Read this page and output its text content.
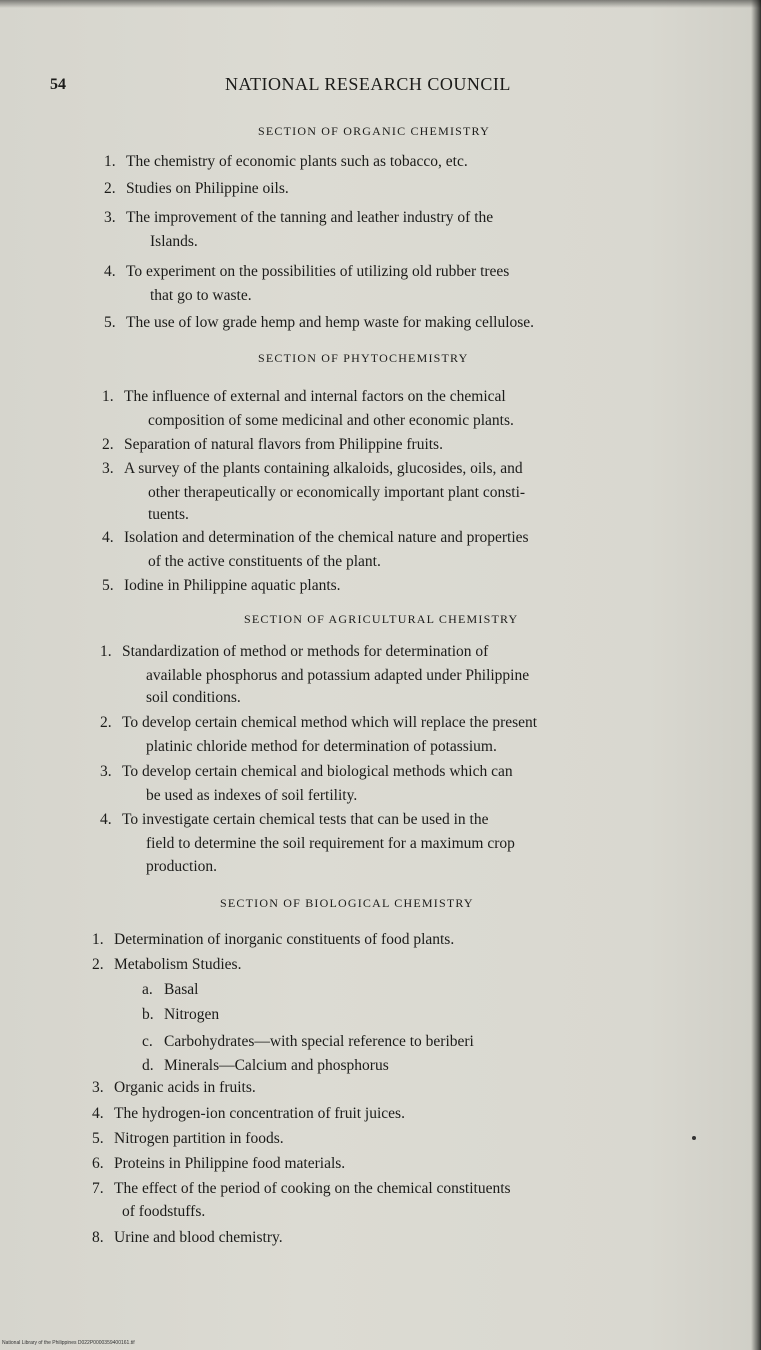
54	NATIONAL RESEARCH COUNCIL
SECTION OF ORGANIC CHEMISTRY
1. The chemistry of economic plants such as tobacco, etc.
2. Studies on Philippine oils.
3. The improvement of the tanning and leather industry of the
Islands.
4. To experiment on the possibilities of utilizing old rubber trees
that go to waste.
5. The use of low grade hemp and hemp waste for making cellulose.
SECTION OF PHYTOCHEMISTRY
1. The influence of external and internal factors on the chemical
composition of some medicinal and other economic plants.
2. Separation of natural flavors from Philippine fruits.
3. A survey of the plants containing alkaloids, glucosides, oils, and
other therapeutically or economically important plant consti-
tuents.
4. Isolation and determination of the chemical nature and properties
of the active constituents of the plant.
5. Iodine in Philippine aquatic plants.
SECTION OF AGRICULTURAL CHEMISTRY
1. Standardization of method or methods for determination of
available phosphorus and potassium adapted under Philippine
soil conditions.
2. To develop certain chemical method which will replace the present
platinic chloride method for determination of potassium.
3. To develop certain chemical and biological methods which can
be used as indexes of soil fertility.
4. To investigate certain chemical tests that can be used in the
field to determine the soil requirement for a maximum crop
production.
SECTION OF BIOLOGICAL CHEMISTRY
1. Determination of inorganic constituents of food plants.
2. Metabolism Studies.
a. Basal
b. Nitrogen
c. Carbohydrates—with special reference to beriberi
d. Minerals—Calcium and phosphorus
3. Organic acids in fruits.
4. The hydrogen-ion concentration of fruit juices.
5. Nitrogen partition in foods.
6. Proteins in Philippine food materials.
7. The effect of the period of cooking on the chemical constituents
of foodstuffs.
8. Urine and blood chemistry.
National Library of the Philippines D022P0000359400161.tif
